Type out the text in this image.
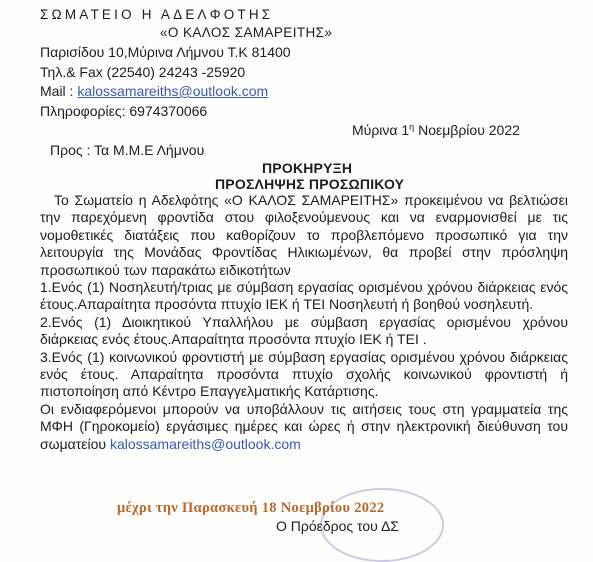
ΣΩΜΑΤΕΙΟ Η ΑΔΕΛΦΟΤΗΣ
«Ο ΚΑΛΟΣ ΣΑΜΑΡΕΙΤΗΣ»
Παρισίδου 10,Μύρινα Λήμνου Τ.Κ 81400
Τηλ.& Fax (22540) 24243 -25920
Mail : kalossamareiths@outlook.com
Πληροφορίες: 6974370066
Μύρινα $1^\eta$ Νοεμβρίου 2022
Προς : Τα Μ.Μ.Ε Λήμνου
ΠΡΟΚΗΡΥΞΗ
ΠΡΟΣΛΗΨΗΣ ΠΡΟΣΩΠΙΚΟΥ

Το Σωματείο η Αδελφότης «Ο ΚΑΛΟΣ ΣΑΜΑΡΕΙΤΗΣ» προκειμένου να βελτιώσει την παρεχόμενη φροντίδα στου φιλοξενούμενους και να εναρμονισθεί με τις νομοθετικές διατάξεις που καθορίζουν το προβλεπόμενο προσωπικό για την λειτουργία της Μονάδας Φροντίδας Ηλικιωμένων, θα προβεί στην πρόσληψη προσωπικού των παρακάτω ειδικοτήτων

1.Ενός (1) Νοσηλευτή/τριας με σύμβαση εργασίας ορισμένου χρόνου διάρκειας ενός έτους.Απαραίτητα προσόντα πτυχίο ΙΕΚ ή ΤΕΙ Νοσηλευτή ή βοηθού νοσηλευτή.

2.Ενός (1) Διοικητικού Υπαλλήλου με σύμβαση εργασίας ορισμένου χρόνου διάρκειας ενός έτους.Απαραίτητα προσόντα πτυχίο ΙΕΚ ή ΤΕΙ .

3.Ενός (1) κοινωνικού φροντιστή με σύμβαση εργασίας ορισμένου χρόνου διάρκειας ενός έτους. Απαραίτητα προσόντα πτυχίο σχολής κοινωνικού φροντιστή ή πιστοποίηση από Κέντρο Επαγγελματικής Κατάρτισης.

Οι ενδιαφερόμενοι μπορούν να υποβάλλουν τις αιτήσεις τους στη γραμματεία της ΜΦΗ (Γηροκομείο) εργάσιμες ημέρες και ώρες ή στην ηλεκτρονική διεύθυνση του σωματείου kalossamareiths@outlook.com

μέχρι την Παρασκευή 18 Νοεμβρίου 2022
Ο Πρόεδρος του ΔΣ
